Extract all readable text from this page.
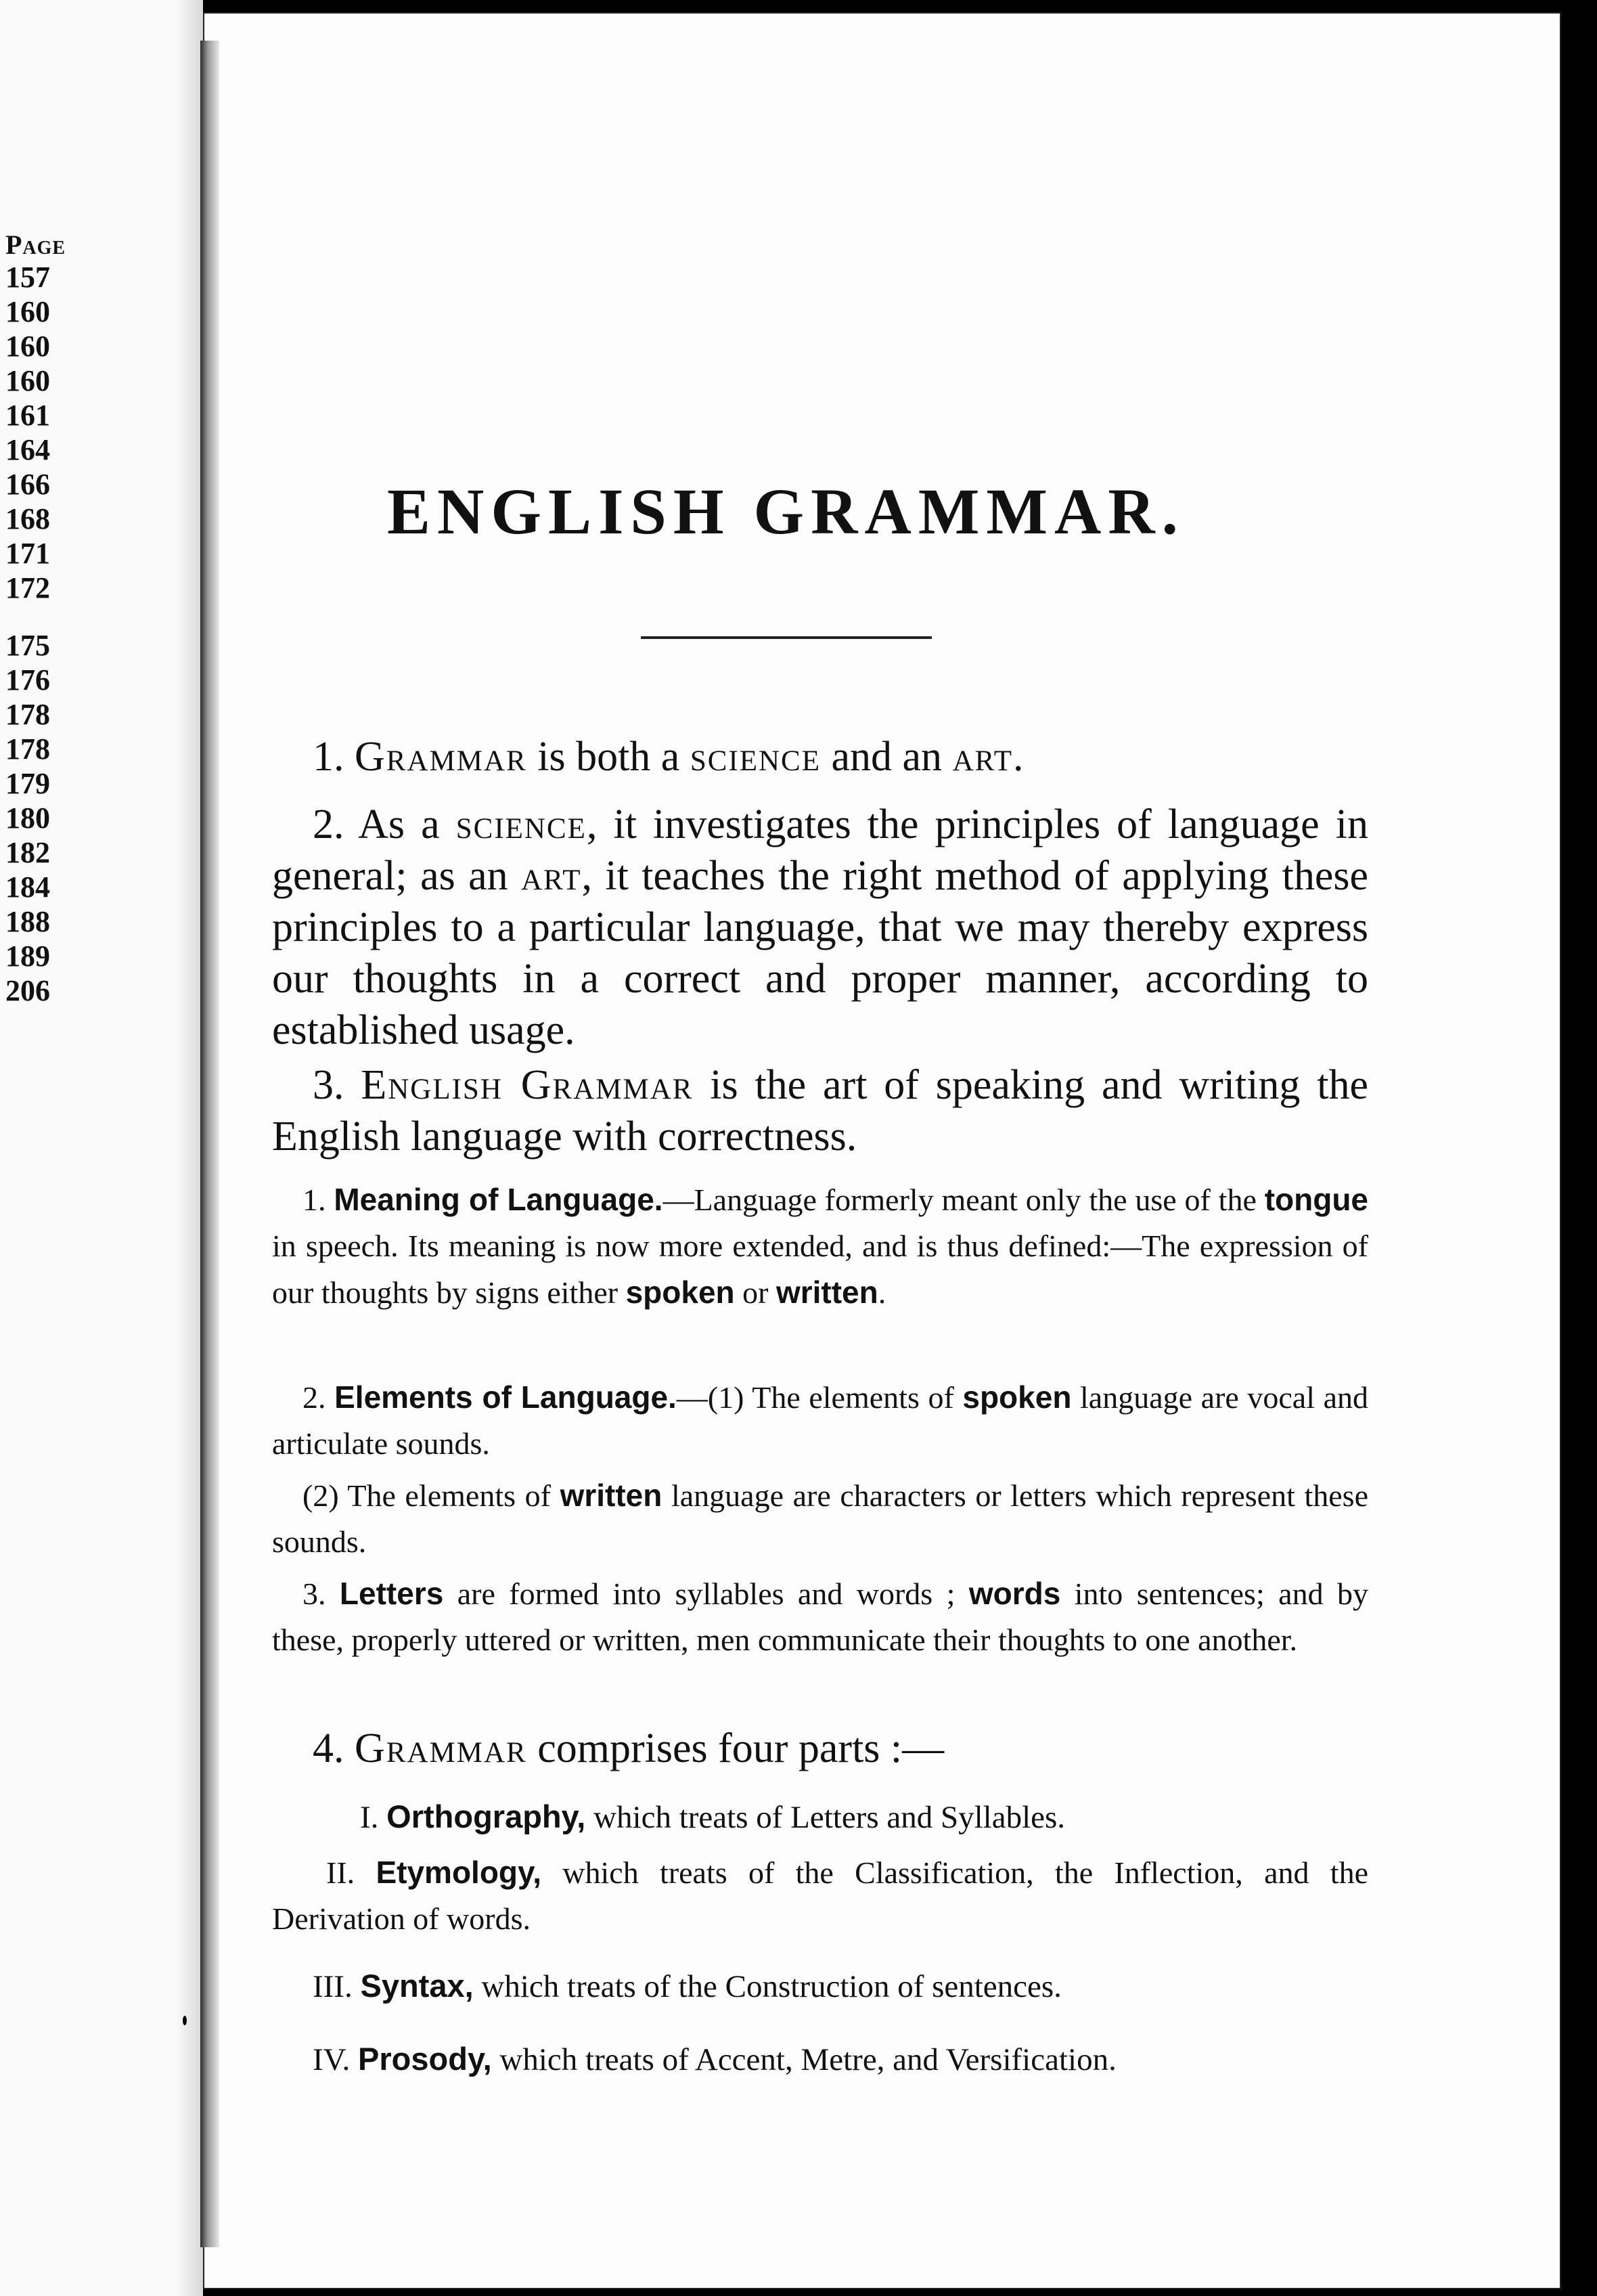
Page
157
160
160
160
161
164
166
168
171
172
175
176
178
178
179
180
182
184
188
189
206
ENGLISH GRAMMAR.
1. Grammar is both a science and an art.
2. As a science, it investigates the principles of language in general; as an art, it teaches the right method of applying these principles to a particular language, that we may thereby express our thoughts in a correct and proper manner, according to established usage.
3. English Grammar is the art of speaking and writing the English language with correctness.
1. Meaning of Language.—Language formerly meant only the use of the tongue in speech. Its meaning is now more extended, and is thus defined:—The expression of our thoughts by signs either spoken or written.
2. Elements of Language.—(1) The elements of spoken language are vocal and articulate sounds.
(2) The elements of written language are characters or letters which represent these sounds.
3. Letters are formed into syllables and words ; words into sentences; and by these, properly uttered or written, men communicate their thoughts to one another.
4. Grammar comprises four parts :—
I. Orthography, which treats of Letters and Syllables.
II. Etymology, which treats of the Classification, the Inflection, and the Derivation of words.
III. Syntax, which treats of the Construction of sentences.
IV. Prosody, which treats of Accent, Metre, and Versification.
